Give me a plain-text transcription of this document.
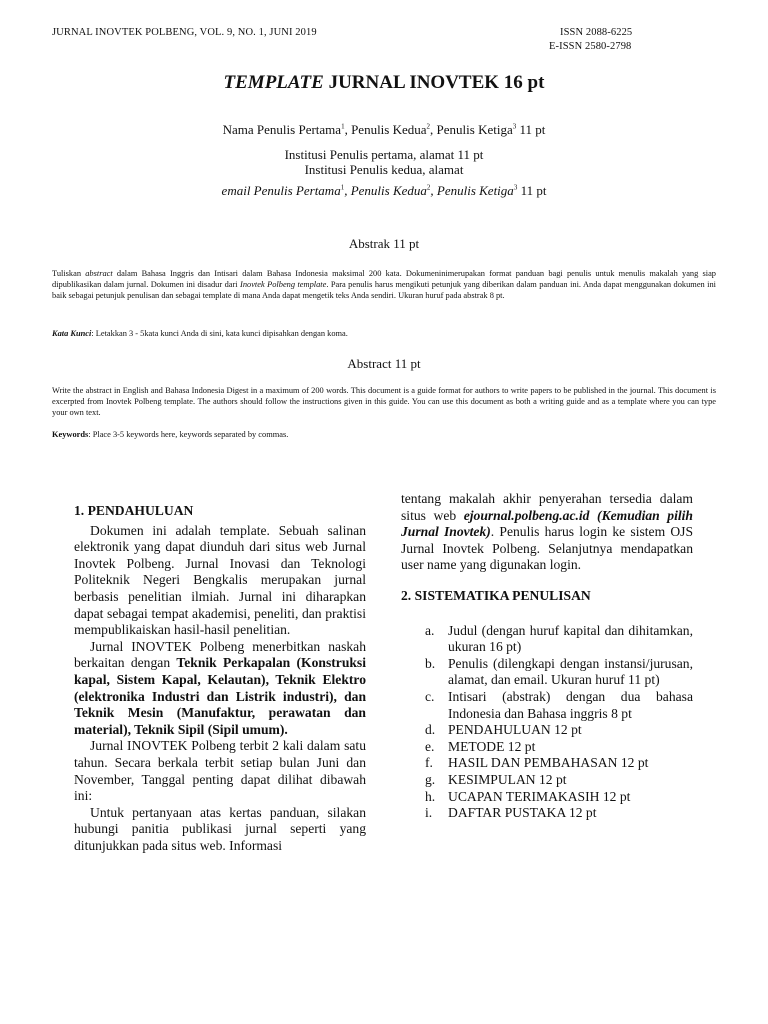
JURNAL INOVTEK POLBENG, VOL. 9, NO. 1, JUNI 2019	ISSN 2088-6225
E-ISSN 2580-2798
TEMPLATE JURNAL INOVTEK 16 pt
Nama Penulis Pertama$^1$, Penulis Kedua$^2$, Penulis Ketiga$^3$ 11 pt
Institusi Penulis pertama, alamat 11 pt
Institusi Penulis kedua, alamat
email Penulis Pertama$^1$, Penulis Kedua$^2$, Penulis Ketiga$^3$ 11 pt
Abstrak 11 pt
Tuliskan abstract dalam Bahasa Inggris dan Intisari dalam Bahasa Indonesia maksimal 200 kata. Dokumeninimerupakan format panduan bagi penulis untuk menulis makalah yang siap dipublikasikan dalam jurnal. Dokumen ini disadur dari Inovtek Polbeng template. Para penulis harus mengikuti petunjuk yang diberikan dalam panduan ini. Anda dapat menggunakan dokumen ini baik sebagai petunjuk penulisan dan sebagai template di mana Anda dapat mengetik teks Anda sendiri. Ukuran huruf pada abstrak 8 pt.
Kata Kunci: Letakkan 3 - 5kata kunci Anda di sini, kata kunci dipisahkan dengan koma.
Abstract 11 pt
Write the abstract in English and Bahasa Indonesia Digest in a maximum of 200 words. This document is a guide format for authors to write papers to be published in the journal. This document is excerpted from Inovtek Polbeng template. The authors should follow the instructions given in this guide. You can use this document as both a writing guide and as a template where you can type your own text.
Keywords: Place 3-5 keywords here, keywords separated by commas.
1. PENDAHULUAN
Dokumen ini adalah template. Sebuah salinan elektronik yang dapat diunduh dari situs web Jurnal Inovtek Polbeng. Jurnal Inovasi dan Teknologi Politeknik Negeri Bengkalis merupakan jurnal berbasis penelitian ilmiah. Jurnal ini diharapkan dapat sebagai tempat akademisi, peneliti, dan praktisi mempublikaiskan hasil-hasil penelitian.
Jurnal INOVTEK Polbeng menerbitkan naskah berkaitan dengan Teknik Perkapalan (Konstruksi kapal, Sistem Kapal, Kelautan), Teknik Elektro (elektronika Industri dan Listrik industri), dan Teknik Mesin (Manufaktur, perawatan dan material), Teknik Sipil (Sipil umum).
Jurnal INOVTEK Polbeng terbit 2 kali dalam satu tahun. Secara berkala terbit setiap bulan Juni dan November, Tanggal penting dapat dilihat dibawah ini:
Untuk pertanyaan atas kertas panduan, silakan hubungi panitia publikasi jurnal seperti yang ditunjukkan pada situs web. Informasi
tentang makalah akhir penyerahan tersedia dalam situs web ejournal.polbeng.ac.id (Kemudian pilih Jurnal Inovtek). Penulis harus login ke sistem OJS Jurnal Inovtek Polbeng. Selanjutnya mendapatkan user name yang digunakan login.
2. SISTEMATIKA PENULISAN
a. Judul (dengan huruf kapital dan dihitamkan, ukuran 16 pt)
b. Penulis (dilengkapi dengan instansi/jurusan, alamat, dan email. Ukuran huruf 11 pt)
c. Intisari (abstrak) dengan dua bahasa Indonesia dan Bahasa inggris 8 pt
d. PENDAHULUAN 12 pt
e. METODE 12 pt
f.	HASIL DAN PEMBAHASAN 12 pt
g. KESIMPULAN 12 pt
h. UCAPAN TERIMAKASIH 12 pt
i.	DAFTAR PUSTAKA 12 pt
